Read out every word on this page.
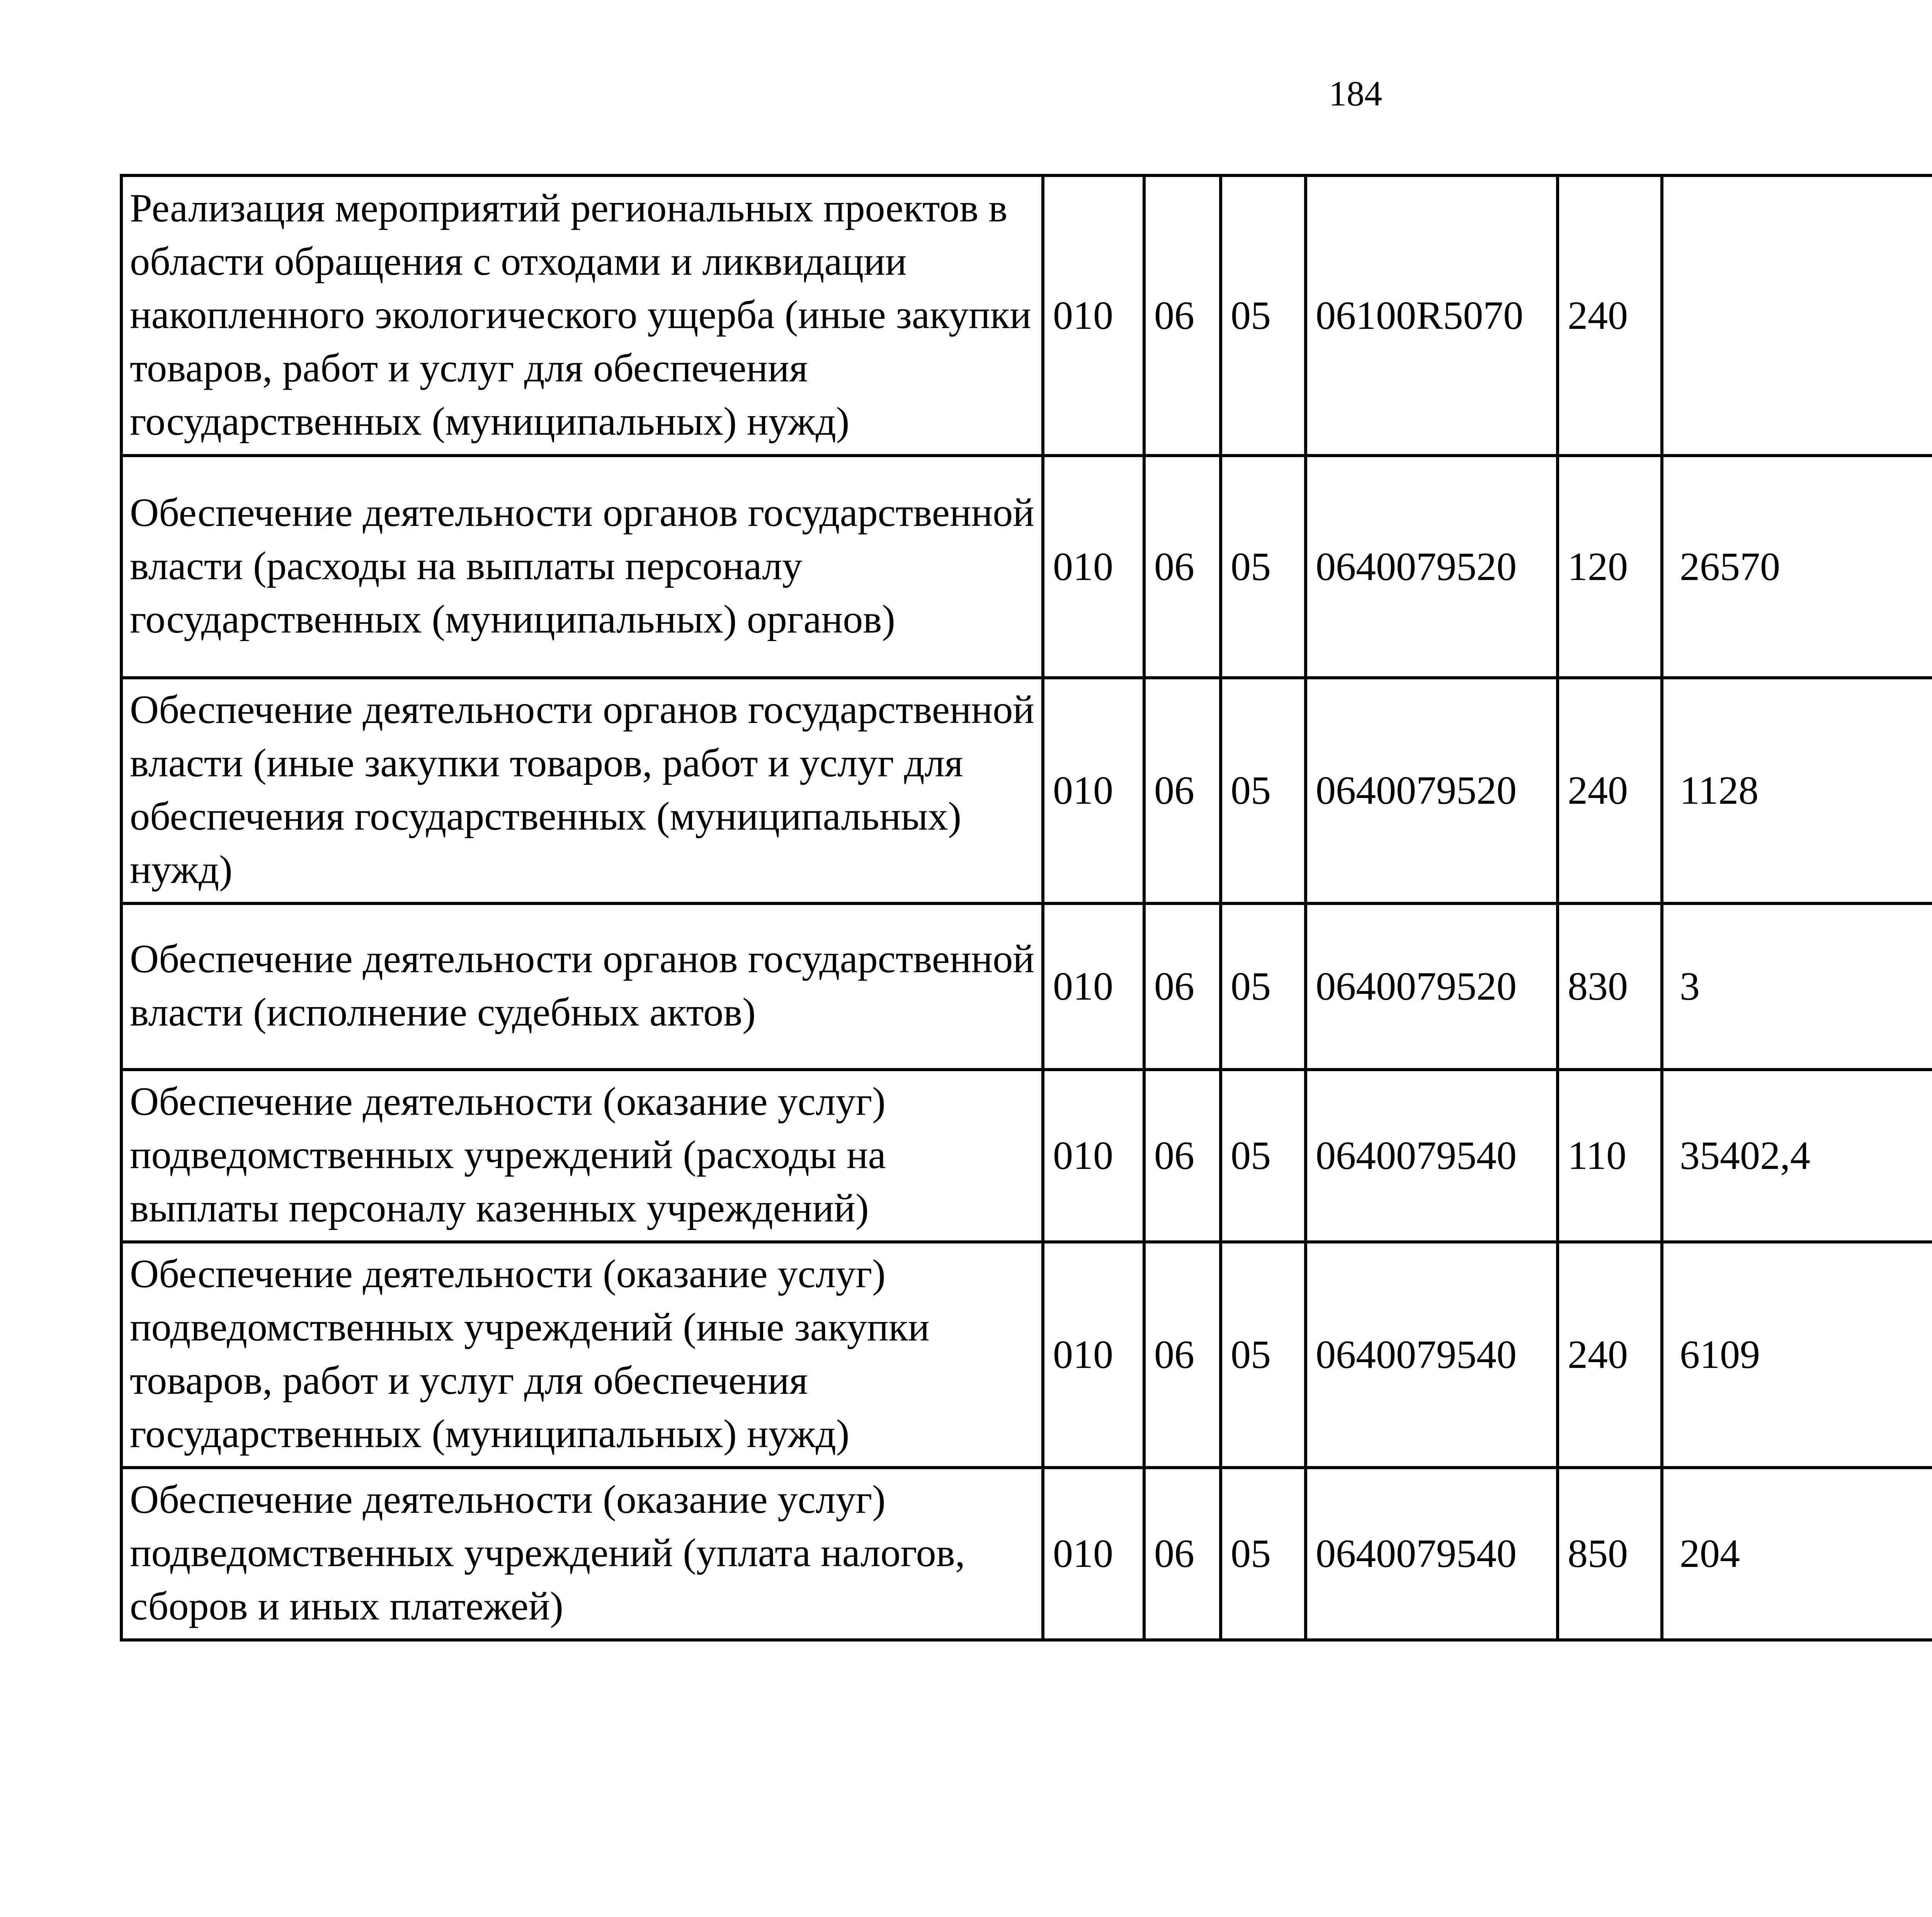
184
Реализация мероприятий региональных проектов в области обращения с отходами и ликвидации накопленного экологического ущерба (иные закупки товаров, работ и услуг для обеспечения государственных (муниципальных) нужд)	010	06	05	06100R5070	240			
Обеспечение деятельности органов государственной власти (расходы на выплаты персоналу государственных (муниципальных) органов)	010	06	05	0640079520	120	26570		
Обеспечение деятельности органов государственной власти (иные закупки товаров, работ и услуг для обеспечения государственных (муниципальных) нужд)	010	06	05	0640079520	240	1128		
Обеспечение деятельности органов государственной власти (исполнение судебных актов)	010	06	05	0640079520	830	3		
Обеспечение деятельности (оказание услуг) подведомственных учреждений (расходы на выплаты персоналу казенных учреждений)	010	06	05	0640079540	110	35402,4		
Обеспечение деятельности (оказание услуг) подведомственных учреждений (иные закупки товаров, работ и услуг для обеспечения государственных (муниципальных) нужд)	010	06	05	0640079540	240	6109		
Обеспечение деятельности (оказание услуг) подведомственных учреждений (уплата налогов, сборов и иных платежей)	010	06	05	0640079540	850	204		
